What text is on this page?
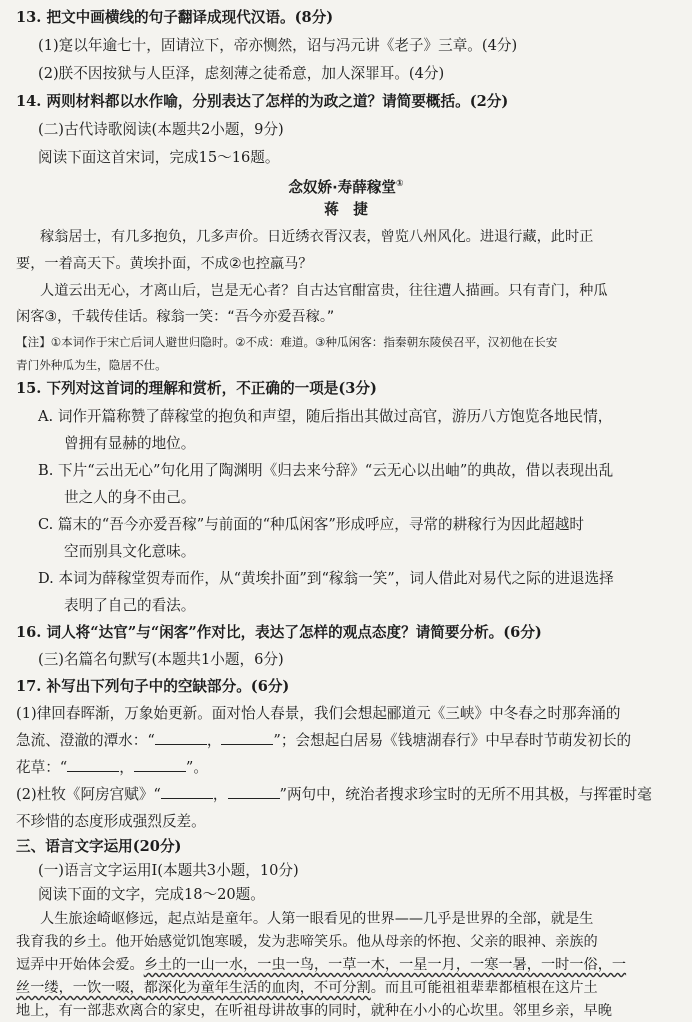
13. 把文中画横线的句子翻译成现代汉语。(8分)
(1)寔以年逾七十，固请泣下，帝亦恻然，诏与冯元讲《老子》三章。(4分)
(2)朕不因按狱与人臣泽，虑刻薄之徒希意，加人深罪耳。(4分)
14. 两则材料都以水作喻，分别表达了怎样的为政之道？请简要概括。(2分)
(二)古代诗歌阅读(本题共2小题，9分)
阅读下面这首宋词，完成15～16题。
念奴娇·寿薛稼堂①
蒋　捷
稼翁居士，有几多抱负，几多声价。日近绣衣胥汉表，曾览八州风化。进退行藏，此时正
要，一着高天下。黄埃扑面，不成②也控羸马？
人道云出无心，才离山后，岂是无心者？自古达官酣富贵，往往遭人描画。只有青门，种瓜
闲客③，千载传佳话。稼翁一笑：“吾今亦爱吾稼。”
【注】①本词作于宋亡后词人避世归隐时。②不成：难道。③种瓜闲客：指秦朝东陵侯召平，汉初他在长安
青门外种瓜为生，隐居不仕。
15. 下列对这首词的理解和赏析，不正确的一项是(3分)
A. 词作开篇称赞了薛稼堂的抱负和声望，随后指出其做过高官，游历八方饱览各地民情，
曾拥有显赫的地位。
B. 下片“云出无心”句化用了陶渊明《归去来兮辞》“云无心以出岫”的典故，借以表现出乱
世之人的身不由己。
C. 篇末的“吾今亦爱吾稼”与前面的“种瓜闲客”形成呼应，寻常的耕稼行为因此超越时
空而别具文化意味。
D. 本词为薛稼堂贺寿而作，从“黄埃扑面”到“稼翁一笑”，词人借此对易代之际的进退选择
表明了自己的看法。
16. 词人将“达官”与“闲客”作对比，表达了怎样的观点态度？请简要分析。(6分)
(三)名篇名句默写(本题共1小题，6分)
17. 补写出下列句子中的空缺部分。(6分)
(1)律回春晖渐，万象始更新。面对怡人春景，我们会想起郦道元《三峡》中冬春之时那奔涌的
急流、澄澈的潭水：“	，	”；会想起白居易《钱塘湖春行》中早春时节萌发初长的
花草：“	，	”。
(2)杜牧《阿房宫赋》“	，	”两句中，统治者搜求珍宝时的无所不用其极，与挥霍时毫
不珍惜的态度形成强烈反差。
三、语言文字运用(20分)
(一)语言文字运用Ⅰ(本题共3小题，10分)
阅读下面的文字，完成18～20题。
人生旅途崎岖修远，起点站是童年。人第一眼看见的世界——几乎是世界的全部，就是生
我育我的乡土。他开始感觉饥饱寒暖，发为悲啼笑乐。他从母亲的怀抱、父亲的眼神、亲族的
逗弄中开始体会爱。乡土的一山一水，一虫一鸟，一草一木，一星一月，一寒一暑，一时一俗，一
丝一缕，一饮一啜，都深化为童年生活的血肉，不可分割。而且可能祖祖辈辈都植根在这片土
地上，有一部悲欢离合的家史，在听祖母讲故事的同时，就种在小小的心坎里。邻里乡亲，早晚
